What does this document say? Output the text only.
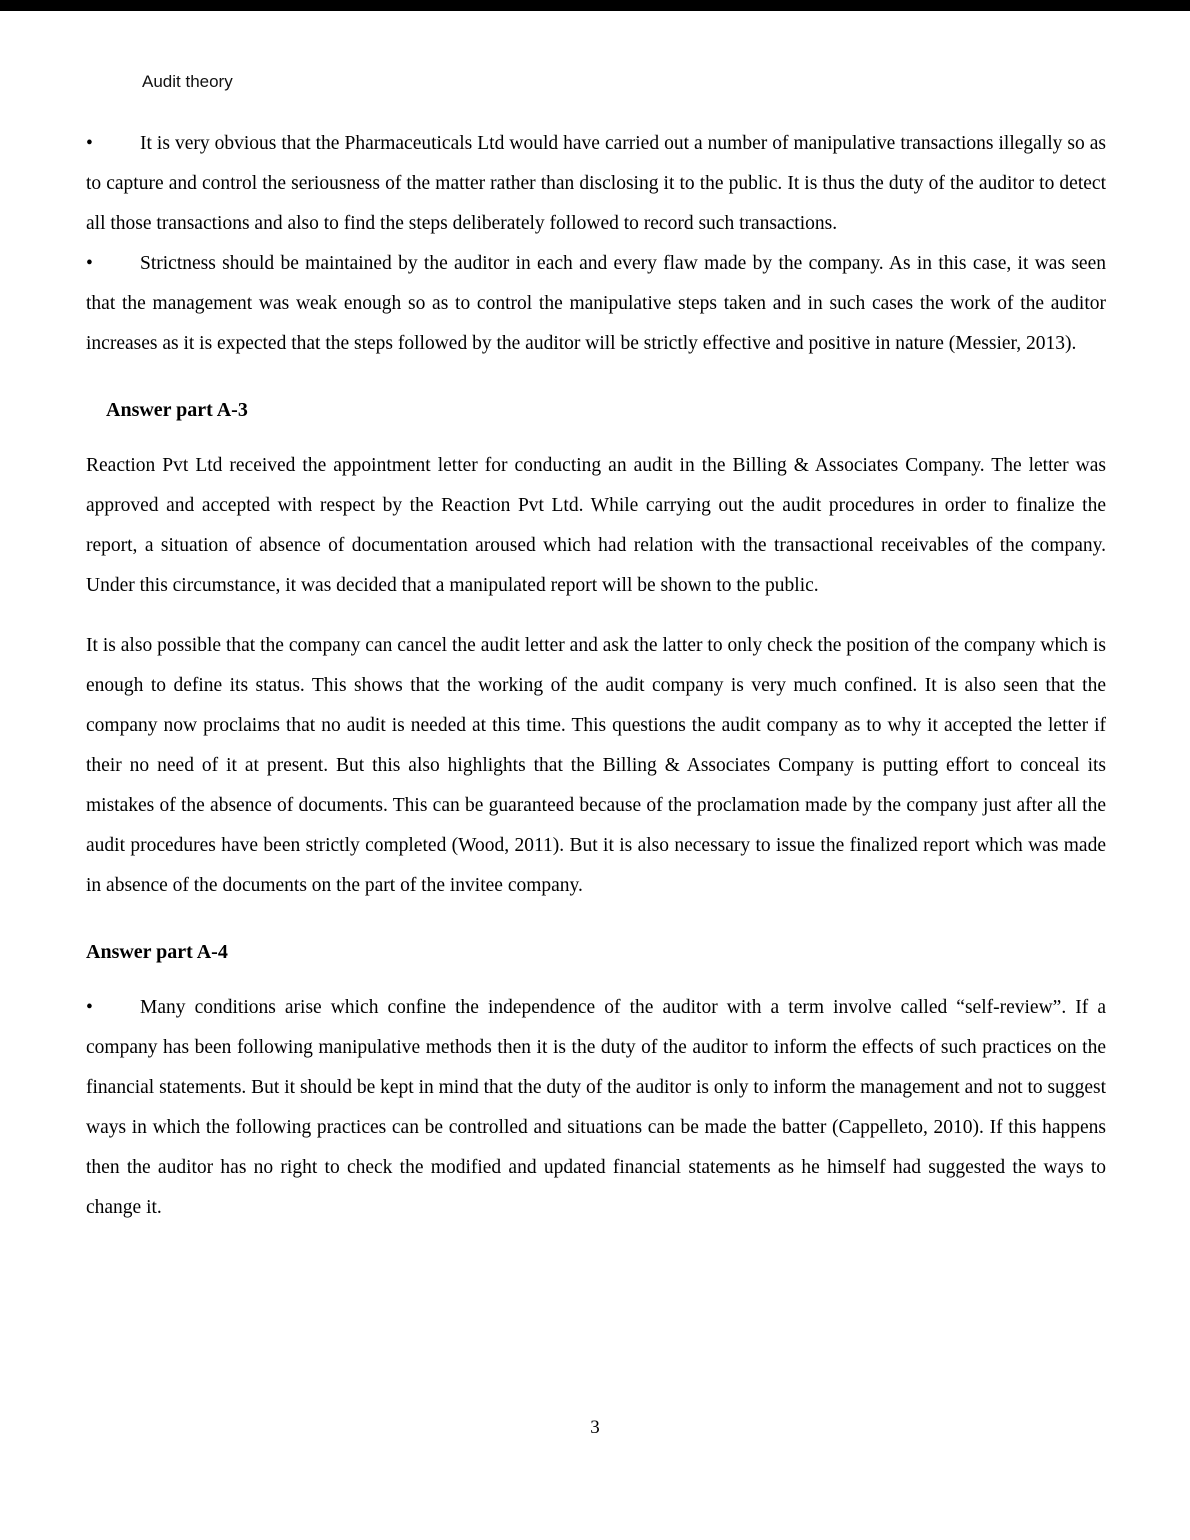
Audit theory

• It is very obvious that the Pharmaceuticals Ltd would have carried out a number of manipulative transactions illegally so as to capture and control the seriousness of the matter rather than disclosing it to the public. It is thus the duty of the auditor to detect all those transactions and also to find the steps deliberately followed to record such transactions.

• Strictness should be maintained by the auditor in each and every flaw made by the company. As in this case, it was seen that the management was weak enough so as to control the manipulative steps taken and in such cases the work of the auditor increases as it is expected that the steps followed by the auditor will be strictly effective and positive in nature (Messier, 2013).

Answer part A-3

Reaction Pvt Ltd received the appointment letter for conducting an audit in the Billing & Associates Company. The letter was approved and accepted with respect by the Reaction Pvt Ltd. While carrying out the audit procedures in order to finalize the report, a situation of absence of documentation aroused which had relation with the transactional receivables of the company. Under this circumstance, it was decided that a manipulated report will be shown to the public.

It is also possible that the company can cancel the audit letter and ask the latter to only check the position of the company which is enough to define its status. This shows that the working of the audit company is very much confined. It is also seen that the company now proclaims that no audit is needed at this time. This questions the audit company as to why it accepted the letter if their no need of it at present. But this also highlights that the Billing & Associates Company is putting effort to conceal its mistakes of the absence of documents. This can be guaranteed because of the proclamation made by the company just after all the audit procedures have been strictly completed (Wood, 2011). But it is also necessary to issue the finalized report which was made in absence of the documents on the part of the invitee company.

Answer part A-4

• Many conditions arise which confine the independence of the auditor with a term involve called “self-review”. If a company has been following manipulative methods then it is the duty of the auditor to inform the effects of such practices on the financial statements. But it should be kept in mind that the duty of the auditor is only to inform the management and not to suggest ways in which the following practices can be controlled and situations can be made the batter (Cappelleto, 2010). If this happens then the auditor has no right to check the modified and updated financial statements as he himself had suggested the ways to change it.

3
